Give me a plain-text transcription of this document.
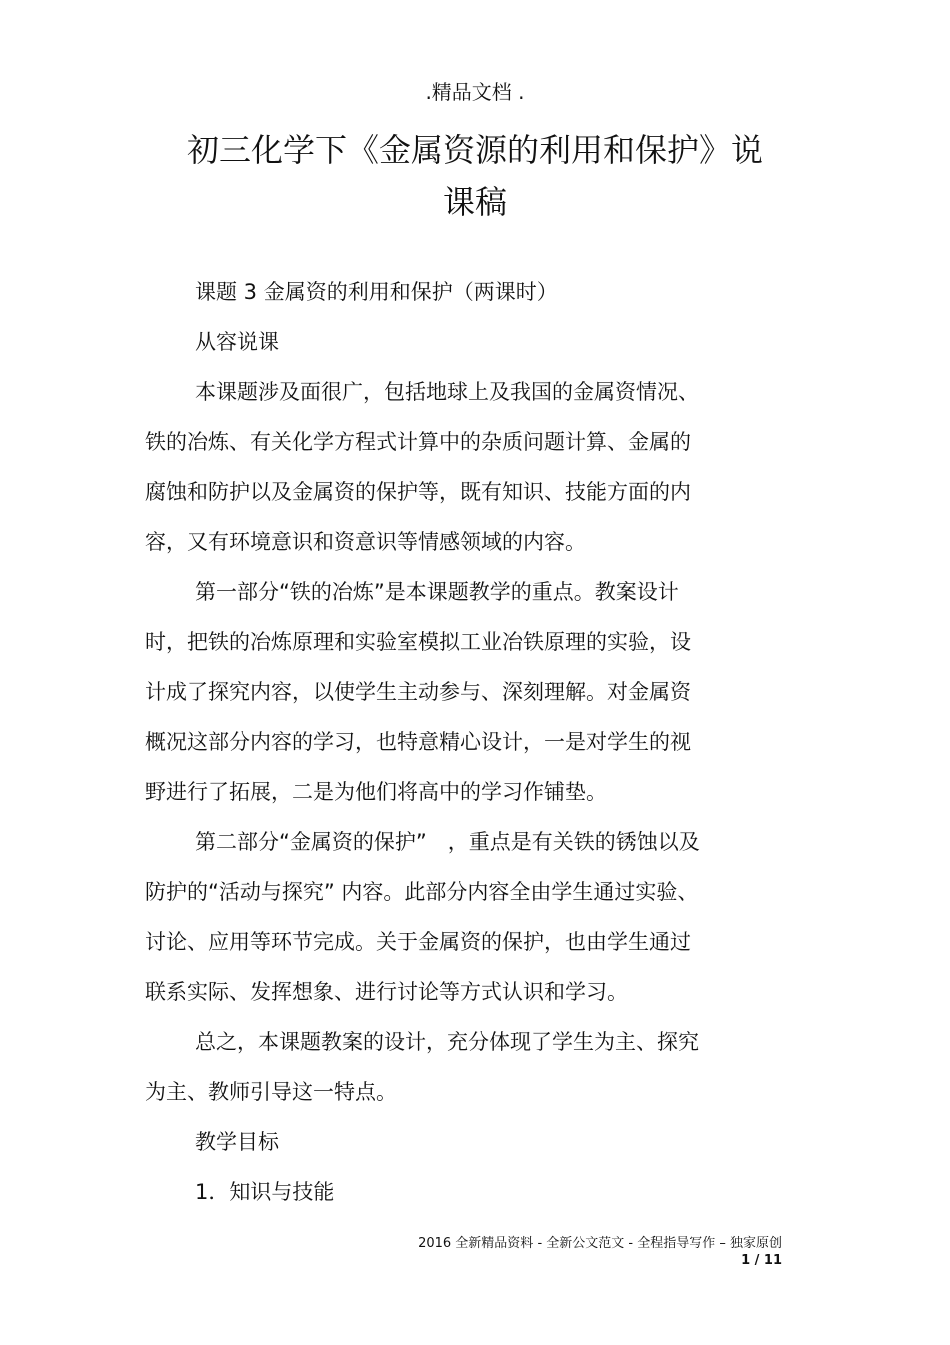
.精品文档 .
初三化学下《金属资源的利用和保护》说
课稿
课题 3 金属资的利用和保护（两课时）
从容说课
本课题涉及面很广，包括地球上及我国的金属资情况、
铁的冶炼、有关化学方程式计算中的杂质问题计算、金属的
腐蚀和防护以及金属资的保护等，既有知识、技能方面的内
容，又有环境意识和资意识等情感领域的内容。
第一部分“铁的冶炼”是本课题教学的重点。教案设计
时，把铁的冶炼原理和实验室模拟工业冶铁原理的实验，设
计成了探究内容，以使学生主动参与、深刻理解。对金属资
概况这部分内容的学习，也特意精心设计，一是对学生的视
野进行了拓展，二是为他们将高中的学习作铺垫。
第二部分“金属资的保护”　，重点是有关铁的锈蚀以及
防护的“活动与探究” 内容。此部分内容全由学生通过实验、
讨论、应用等环节完成。关于金属资的保护，也由学生通过
联系实际、发挥想象、进行讨论等方式认识和学习。
总之，本课题教案的设计，充分体现了学生为主、探究
为主、教师引导这一特点。
教学目标
1．知识与技能
2016 全新精品资料 - 全新公文范文 - 全程指导写作 – 独家原创
1 / 11
